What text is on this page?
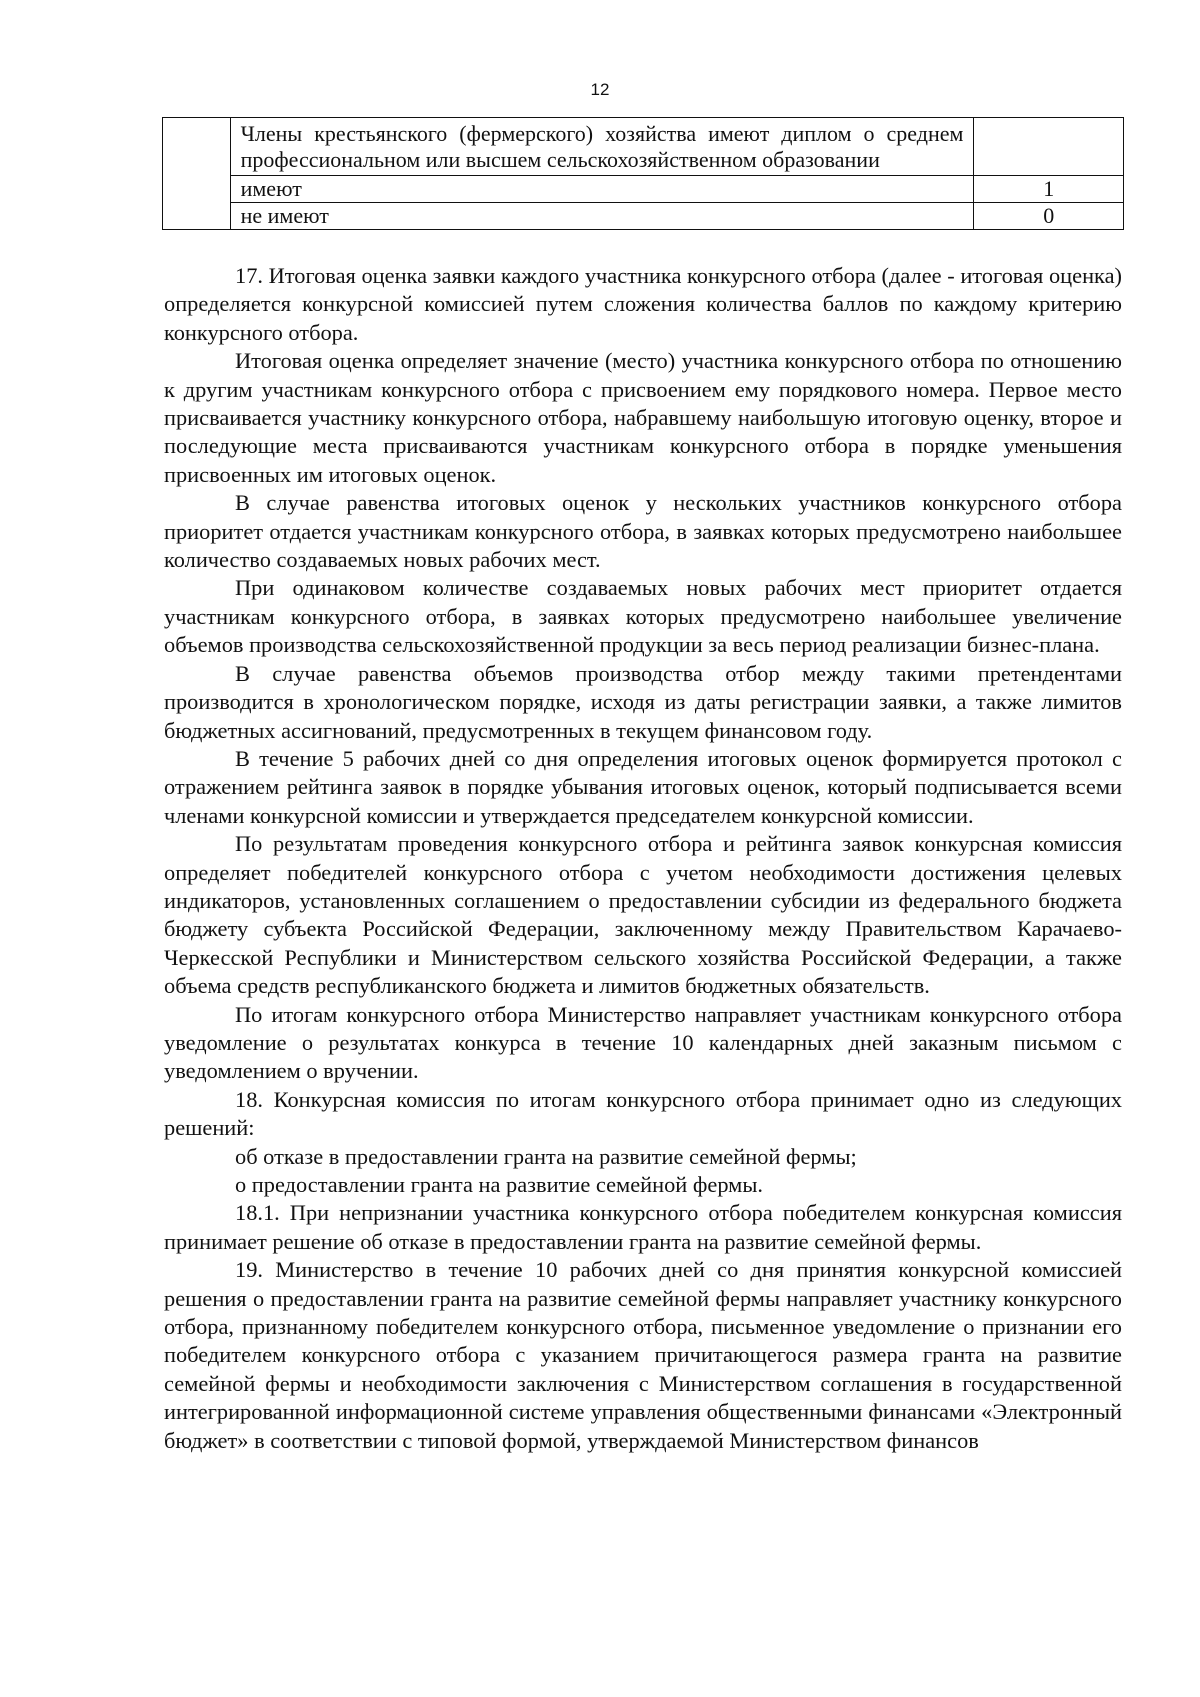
12
	Члены крестьянского (фермерского) хозяйства имеют диплом о среднем профессиональном или высшем сельскохозяйственном образовании	
	имеют	1
	не имеют	0

17. Итоговая оценка заявки каждого участника конкурсного отбора (далее - итоговая оценка) определяется конкурсной комиссией путем сложения количества баллов по каждому критерию конкурсного отбора.

Итоговая оценка определяет значение (место) участника конкурсного отбора по отношению к другим участникам конкурсного отбора с присвоением ему порядкового номера. Первое место присваивается участнику конкурсного отбора, набравшему наибольшую итоговую оценку, второе и последующие места присваиваются участникам конкурсного отбора в порядке уменьшения присвоенных им итоговых оценок.

В случае равенства итоговых оценок у нескольких участников конкурсного отбора приоритет отдается участникам конкурсного отбора, в заявках которых предусмотрено наибольшее количество создаваемых новых рабочих мест.

При одинаковом количестве создаваемых новых рабочих мест приоритет отдается участникам конкурсного отбора, в заявках которых предусмотрено наибольшее увеличение объемов производства сельскохозяйственной продукции за весь период реализации бизнес-плана.

В случае равенства объемов производства отбор между такими претендентами производится в хронологическом порядке, исходя из даты регистрации заявки, а также лимитов бюджетных ассигнований, предусмотренных в текущем финансовом году.

В течение 5 рабочих дней со дня определения итоговых оценок формируется протокол с отражением рейтинга заявок в порядке убывания итоговых оценок, который подписывается всеми членами конкурсной комиссии и утверждается председателем конкурсной комиссии.

По результатам проведения конкурсного отбора и рейтинга заявок конкурсная комиссия определяет победителей конкурсного отбора с учетом необходимости достижения целевых индикаторов, установленных соглашением о предоставлении субсидии из федерального бюджета бюджету субъекта Российской Федерации, заключенному между Правительством Карачаево-Черкесской Республики и Министерством сельского хозяйства Российской Федерации, а также объема средств республиканского бюджета и лимитов бюджетных обязательств.

По итогам конкурсного отбора Министерство направляет участникам конкурсного отбора уведомление о результатах конкурса в течение 10 календарных дней заказным письмом с уведомлением о вручении.

18. Конкурсная комиссия по итогам конкурсного отбора принимает одно из следующих решений:

об отказе в предоставлении гранта на развитие семейной фермы;

о предоставлении гранта на развитие семейной фермы.

18.1. При непризнании участника конкурсного отбора победителем конкурсная комиссия принимает решение об отказе в предоставлении гранта на развитие семейной фермы.

19. Министерство в течение 10 рабочих дней со дня принятия конкурсной комиссией решения о предоставлении гранта на развитие семейной фермы направляет участнику конкурсного отбора, признанному победителем конкурсного отбора, письменное уведомление о признании его победителем конкурсного отбора с указанием причитающегося размера гранта на развитие семейной фермы и необходимости заключения с Министерством соглашения в государственной интегрированной информационной системе управления общественными финансами «Электронный бюджет» в соответствии с типовой формой, утверждаемой Министерством финансов
